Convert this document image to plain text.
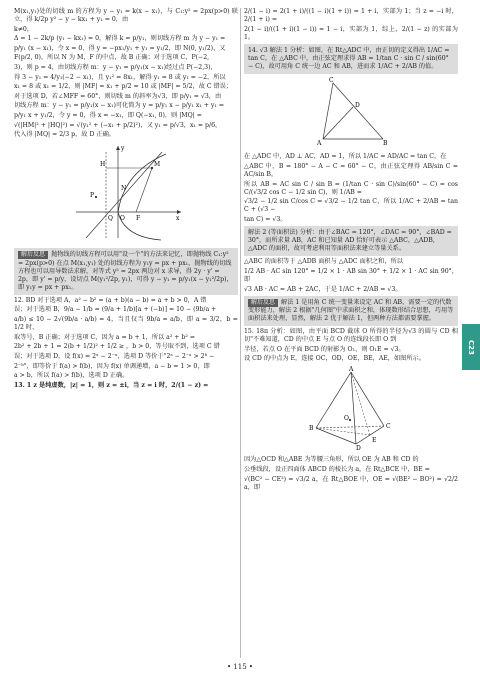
M(x₁,y₁)处的切线 m 的方程为 y − y₁ = k(x − x₁)，与 C₁:y² = 2px(p>0) 联立，得 k/2p y² − y − kx₁ + y₁ = 0，由

k≠0，

Δ = 1 − 2k/p (y₁ − kx₁) = 0，解得 k = p/y₁，则切线方程 m 为 y − y₁ =

p/y₁ (x − x₁)，令 x = 0，得 y = −px₁/y₁ + y₁ = y₁/2，即 N(0, y₁/2)，又

F(p/2, 0)，所以 N 为 M，F 的中点，故 B 正确；对于选项 C，P(−2,

3)，则 p = 4，由切线方程 m：y − y₁ = p/y₁(x − x₁)经过点 P(−2,3)，

得 3 − y₁ = 4/y₁(−2 − x₁)，且 y₁² = 8x₁，解得 y₁ = 8 或 y₁ = −2，所以

x₁ = 8 或 x₁ = 1/2，则 |MF| = x₁ + p/2 = 10 或 |MF| = 5/2，故 C 错误；

对于选项 D，若∠MFF = 60°，则切线 m 的斜率为√3，即 p/y₁ = √3，由

切线方程 m：y − y₁ = p/y₁(x − x₁)可化简为 y = p/y₁ x − p/y₁ x₁ + y₁ =

p/y₁ x + y₁/2，令 y = 0，得 x = −x₁，即 Q(−x₁, 0)，则 |MQ| =

√(|HM|² + |HQ|²) = √(y₁² + (−x₁ + p/2)²)，又 y₁ = p/√3，x₁ = p/6，

代入得 |MQ| = 2/3 p，故 D 正确。

y
x
M
N
H
Q O F
P
解后反思 抛物线的切线方程可以用"设一个"的方法来记忆，即抛物线 C₁:y² = 2px(p>0) 在点 M(x₁,y₁) 处的切线方程为 y₁y = px + px₁，抛物线的切线方程也可以用导数法求解，对等式 y² = 2px 两边对 x 求导，得 2y · y' = 2p，即 y' = p/y，设切点 M(y₁²/2p, y₁)，可得 y − y₁ = p/y₁(x − y₁²/2p)，即 y₁y = px + px₁。

12. BD 对于选项 A，a² − b² = (a + b)(a − b) = a + b > 0，A 错

误；对于选项 B，9/a − 1/b = (9/a + 1/b)[a + (−b)] = 10 − (9b/a +

a/b) ≤ 10 − 2√(9b/a · a/b) = 4，当且仅当 9b/a = a/b，即 a = 3/2，b = 1/2 时，

取等号，B 正确；对于选项 C，因为 a = b + 1，所以 a² + b² =

2b² + 2b + 1 = 2(b + 1/2)² + 1/2 ≥ ，b > 0，等号取不到，选项 C 错

误；对于选项 D，设 f(x) = 2ˣ − 2⁻ˣ，选项 D 等价于"2ᵃ − 2⁻ᵃ > 2ᵇ −

2⁻ᵇ"，即等价于 f(a) > f(b)，因为 f(x) 单调递增，a − b = 1 > 0，即

a > b，所以 f(a) > f(b)，选项 D 正确。

13. 1 z 是纯虚数，|z| = 1，则 z = ±i，当 z = i 时，2/(1 − z) =

2/(1 − i) = 2(1 + i)/((1 − i)(1 + i)) = 1 + i，实部为 1；当 z = −i 时，2/(1 + i) =

2(1 − i)/((1 + i)(1 − i)) = 1 − i，实部为 1，综上，2/(1 − z) 的实部为 1。

14. √3 解法 1 分析：如图，在 Rt△ADC 中，由正切的定义得出 1/AC = tan C，在 △ABC 中，由正弦定理求得 AB = 1/tan C · sin C / sin(60° − C)，故可用角 C 统一边 AC 和 AB，进而求 1/AC + 2/AB 的值。
C
D
A	B

在 △ADC 中，AD ⊥ AC，AD = 1，所以 1/AC = AD/AC = tan C，在

△ABC 中，B = 180° − A − C = 60° − C，由正弦定理得 AB/sin C = AC/sin B，

所以 AB = AC sin C / sin B = (1/tan C · sin C)/sin(60° − C) = cos C/(√3/2 cos C − 1/2 sin C)，则 1/AB =

√3/2 − 1/2 sin C/cos C = √3/2 − 1/2 tan C，所以 1/AC + 2/AB = tan C + (√3 −

tan C) = √3。

解法 2 (等面积法) 分析：由于∠BAC = 120°，∠DAC = 90°，∠BAD = 30°，而所求量 AB，AC 和已知量 AD 恰好可表示 △ABC，△ADB，△ADC 的面积，故可考虑利用等面积法来建立等量关系。

△ABC 的面积等于 △ADB 面积与 △ADC 面积之和，所以

1/2 AB · AC sin 120° = 1/2 × 1 · AB sin 30° + 1/2 × 1 · AC sin 90°，即

√3 AB · AC = AB + 2AC，于是 1/AC + 2/AB = √3。

解后反思 解法 1 是用角 C 统一变量来设定 AC 和 AB，需要一定的代数变形能力，解法 2 根据"几何图"中求面积之和，体现数形结合思想，巧用等面积法来处理，显然，解法 2 优于解法 1，但两种方法都需要掌握。

15. 18π 分析：如图，由平面 BCD 截球 O 所得的半径为√3 的圆与 CD 相切"不难知道，CD 的中点 E 与点 O 的连线段长即 O 到

半径，若点 O 在平面 BCD 的射影为 O₁，则 O₁E = √3。

设 CD 的中点为 E，连接 OC，OD，OE，BE，AE，如图所示。

A
B	C
D
E
O

因为△OCD 和△ABE 为等腰三角形，所以 OE 为 AB 和 CD 的

公垂线段，设正四面体 ABCD 的棱长为 a，在 Rt△BCE 中，BE =

√(BC² − CE²) = √3/2 a，在 Rt△BOE 中，OE = √(BE² − BO²) = √2/2 a，即

C23
• 115 •
